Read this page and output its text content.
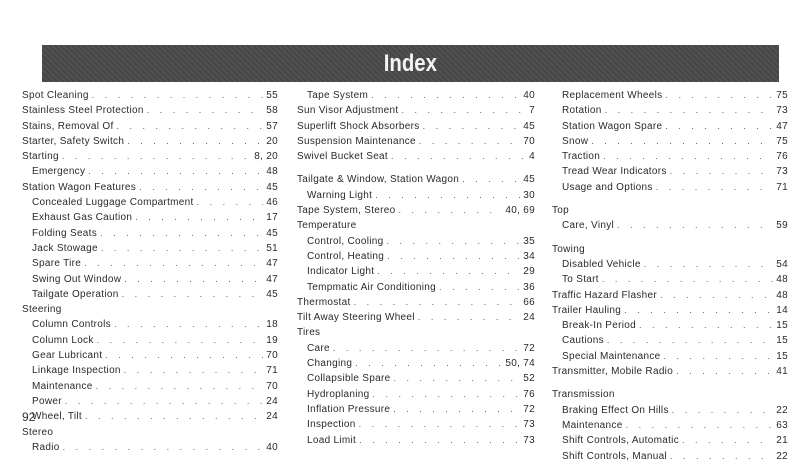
Index
Spot Cleaning . . .	55
Stainless Steel Protection . . .	58
Stains, Removal Of . . .	57
Starter, Safety Switch . . .	20
Starting . . .	8, 20
Emergency . . .	48
Station Wagon Features . . .	45
Concealed Luggage Compartment . . .	46
Exhaust Gas Caution . . .	17
Folding Seats . . .	45
Jack Stowage . . .	51
Spare Tire . . .	47
Swing Out Window . . .	47
Tailgate Operation . . .	45
Steering
Column Controls . . .	18
Column Lock . . .	19
Gear Lubricant . . .	70
Linkage Inspection . . .	71
Maintenance . . .	70
Power . . .	24
Wheel, Tilt . . .	24
Stereo
Radio . . .	40
Tape System . . .	40
Sun Visor Adjustment . . .	7
Superlift Shock Absorbers . . .	45
Suspension Maintenance . . .	70
Swivel Bucket Seat . . .	4
Tailgate & Window, Station Wagon . . .	45
Warning Light . . .	30
Tape System, Stereo . . .	40, 69
Temperature
Control, Cooling . . .	35
Control, Heating . . .	34
Indicator Light . . .	29
Tempmatic Air Conditioning . . .	36
Thermostat . . .	66
Tilt Away Steering Wheel . . .	24
Tires
Care . . .	72
Changing . . .	50, 74
Collapsible Spare . . .	52
Hydroplaning . . .	76
Inflation Pressure . . .	72
Inspection . . .	73
Load Limit . . .	73
Replacement Wheels . . .	75
Rotation . . .	73
Station Wagon Spare . . .	47
Snow . . .	75
Traction . . .	76
Tread Wear Indicators . . .	73
Usage and Options . . .	71
Top
Care, Vinyl . . .	59
Towing
Disabled Vehicle . . .	54
To Start . . .	48
Traffic Hazard Flasher . . .	48
Trailer Hauling . . .	14
Break-In Period . . .	15
Cautions . . .	15
Special Maintenance . . .	15
Transmitter, Mobile Radio . . .	41
Transmission
Braking Effect On Hills . . .	22
Maintenance . . .	63
Shift Controls, Automatic . . .	21
Shift Controls, Manual . . .	22
92
